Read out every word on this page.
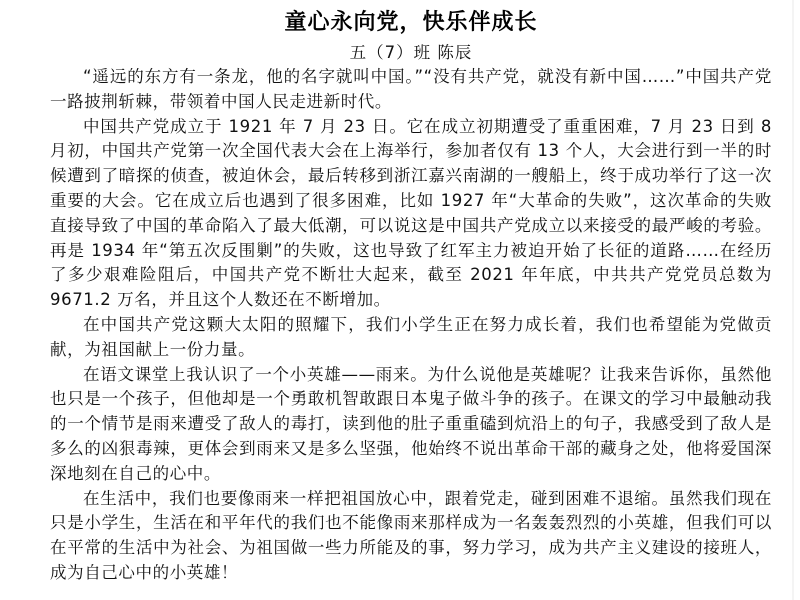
童心永向党，快乐伴成长

五（7）班 陈辰

“遥远的东方有一条龙，他的名字就叫中国。”“没有共产党，就没有新中国……”中国共产党一路披荆斩棘，带领着中国人民走进新时代。

中国共产党成立于 1921 年 7 月 23 日。它在成立初期遭受了重重困难，7 月 23 日到 8 月初，中国共产党第一次全国代表大会在上海举行，参加者仅有 13 个人，大会进行到一半的时候遭到了暗探的侦查，被迫休会，最后转移到浙江嘉兴南湖的一艘船上，终于成功举行了这一次重要的大会。它在成立后也遇到了很多困难，比如 1927 年“大革命的失败”，这次革命的失败直接导致了中国的革命陷入了最大低潮，可以说这是中国共产党成立以来接受的最严峻的考验。再是 1934 年“第五次反围剿”的失败，这也导致了红军主力被迫开始了长征的道路……在经历了多少艰难险阻后，中国共产党不断壮大起来，截至 2021 年年底，中共共产党党员总数为 9671.2 万名，并且这个人数还在不断增加。

在中国共产党这颗大太阳的照耀下，我们小学生正在努力成长着，我们也希望能为党做贡献，为祖国献上一份力量。

在语文课堂上我认识了一个小英雄——雨来。为什么说他是英雄呢？让我来告诉你，虽然他也只是一个孩子，但他却是一个勇敢机智敢跟日本鬼子做斗争的孩子。在课文的学习中最触动我的一个情节是雨来遭受了敌人的毒打，读到他的肚子重重磕到炕沿上的句子，我感受到了敌人是多么的凶狠毒辣，更体会到雨来又是多么坚强，他始终不说出革命干部的藏身之处，他将爱国深深地刻在自己的心中。

在生活中，我们也要像雨来一样把祖国放心中，跟着党走，碰到困难不退缩。虽然我们现在只是小学生，生活在和平年代的我们也不能像雨来那样成为一名轰轰烈烈的小英雄，但我们可以在平常的生活中为社会、为祖国做一些力所能及的事，努力学习，成为共产主义建设的接班人，成为自己心中的小英雄！
